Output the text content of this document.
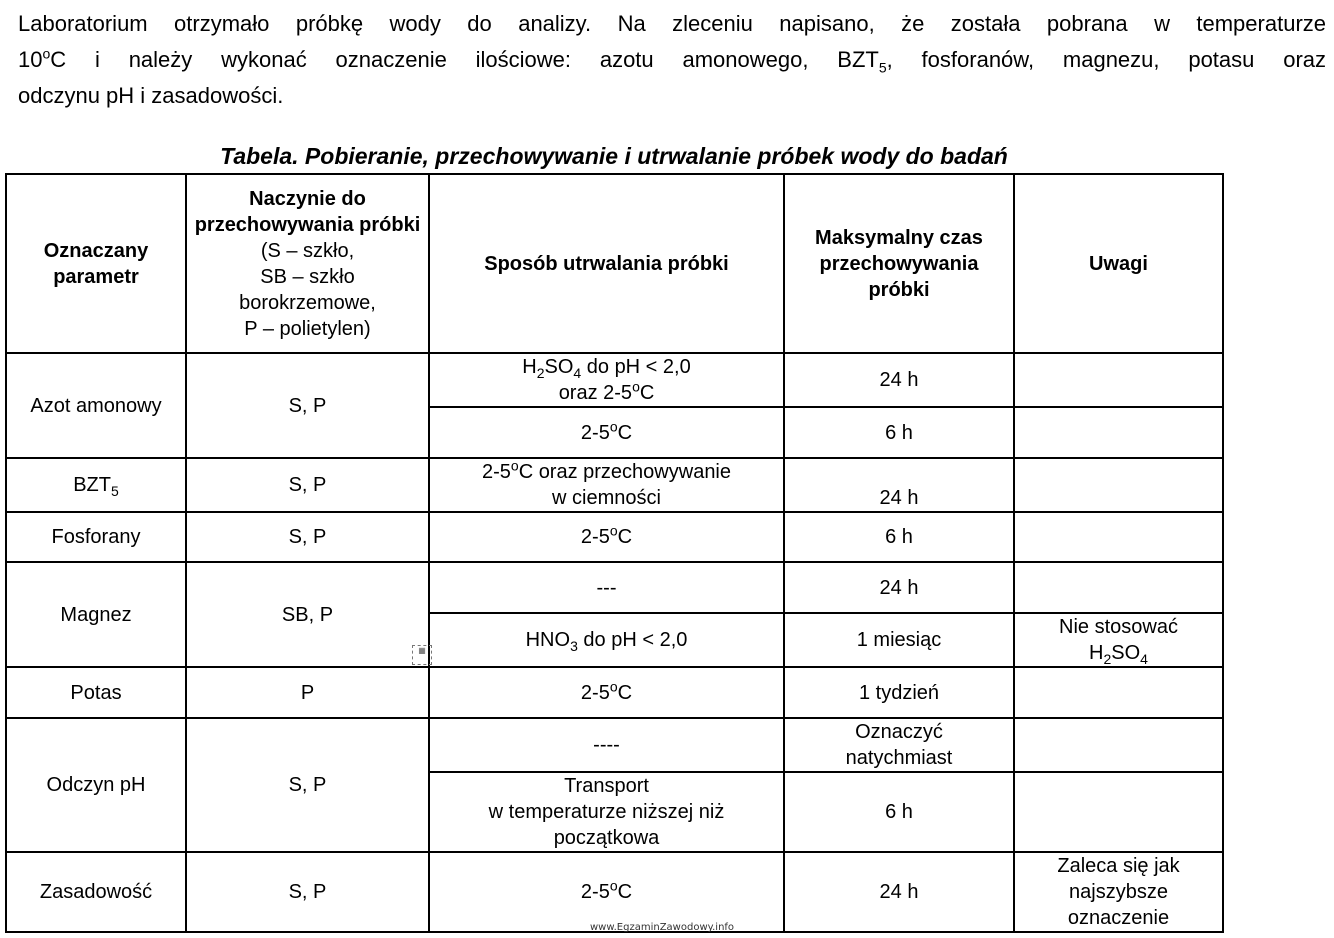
Laboratorium otrzymało próbkę wody do analizy. Na zleceniu napisano, że została pobrana w temperaturze
10$^o$C i należy wykonać oznaczenie ilościowe: azotu amonowego, $BZT_5$, fosforanów, magnezu, potasu oraz
odczynu pH i zasadowości.

Tabela. Pobieranie, przechowywanie i utrwalanie próbek wody do badań

Oznaczany parametr	Naczynie do przechowywania próbki
(S – szkło,
SB – szkło borokrzemowe,
P – polietylen)	Sposób utrwalania próbki	Maksymalny czas przechowywania próbki	Uwagi
Azot amonowy	S, P	$H_2SO_4$ do pH < 2,0
oraz 2-5$^o$C	24 h	
		2-5$^o$C	6 h	
$BZT_5$	S, P	2-5$^o$C oraz przechowywanie
w ciemności	24 h	
Fosforany	S, P	2-5$^o$C	6 h	
Magnez	SB, P	---	24 h	
		$HNO_3$ do pH < 2,0	1 miesiąc	Nie stosować
$H_2SO_4$
Potas	P	2-5$^o$C	1 tydzień	
Odczyn pH	S, P	----	Oznaczyć
natychmiast	
		Transport
w temperaturze niższej niż
początkowa	6 h	
Zasadowość	S, P	2-5$^o$C	24 h	Zaleca się jak
najszybsze
oznaczenie
▦
www.EgzaminZawodowy.info
